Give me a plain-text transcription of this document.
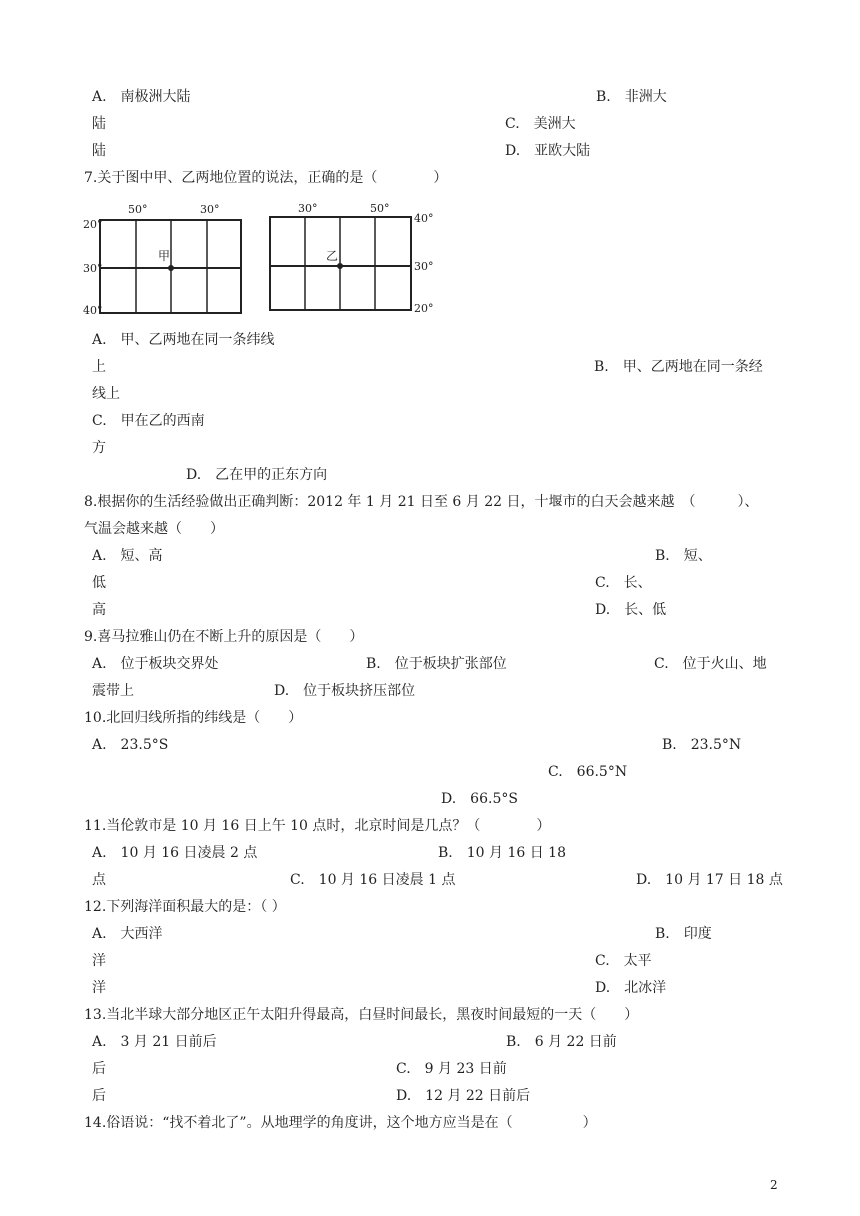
A.　南极洲大陆	B.　非洲大
陆	C.　美洲大
陆	D.　亚欧大陆
7.关于图中甲、乙两地位置的说法，正确的是（　　　　）
50°	30°
20°
30°
40°
甲
30°	50°
40°
30°
20°
乙
A.　甲、乙两地在同一条纬线
上	B.　甲、乙两地在同一条经
线上
C.　甲在乙的西南
方
D.　乙在甲的正东方向
8.根据你的生活经验做出正确判断：2012 年 1 月 21 日至 6 月 22 日，十堰市的白天会越来越　（　　　）、
气温会越来越（　　）
A.　短、高	B.　短、
低	C.　长、
高	D.　长、低
9.喜马拉雅山仍在不断上升的原因是（　　）
A.　位于板块交界处	B.　位于板块扩张部位	C.　位于火山、地
震带上	D.　位于板块挤压部位
10.北回归线所指的纬线是（　　）
A.　23.5°S	B.　23.5°N
C.　66.5°N
D.　66.5°S
11.当伦敦市是 10 月 16 日上午 10 点时，北京时间是几点？（　　　　）
A.　10 月 16 日凌晨 2 点	B.　10 月 16 日 18
点	C.　10 月 16 日凌晨 1 点	D.　10 月 17 日 18 点
12.下列海洋面积最大的是：（ ）
A.　大西洋	B.　印度
洋	C.　太平
洋	D.　北冰洋
13.当北半球大部分地区正午太阳升得最高，白昼时间最长，黑夜时间最短的一天（　　）
A.　3 月 21 日前后	B.　6 月 22 日前
后	C.　9 月 23 日前
后	D.　12 月 22 日前后
14.俗语说：“找不着北了”。从地理学的角度讲，这个地方应当是在（　　　　　）
2
